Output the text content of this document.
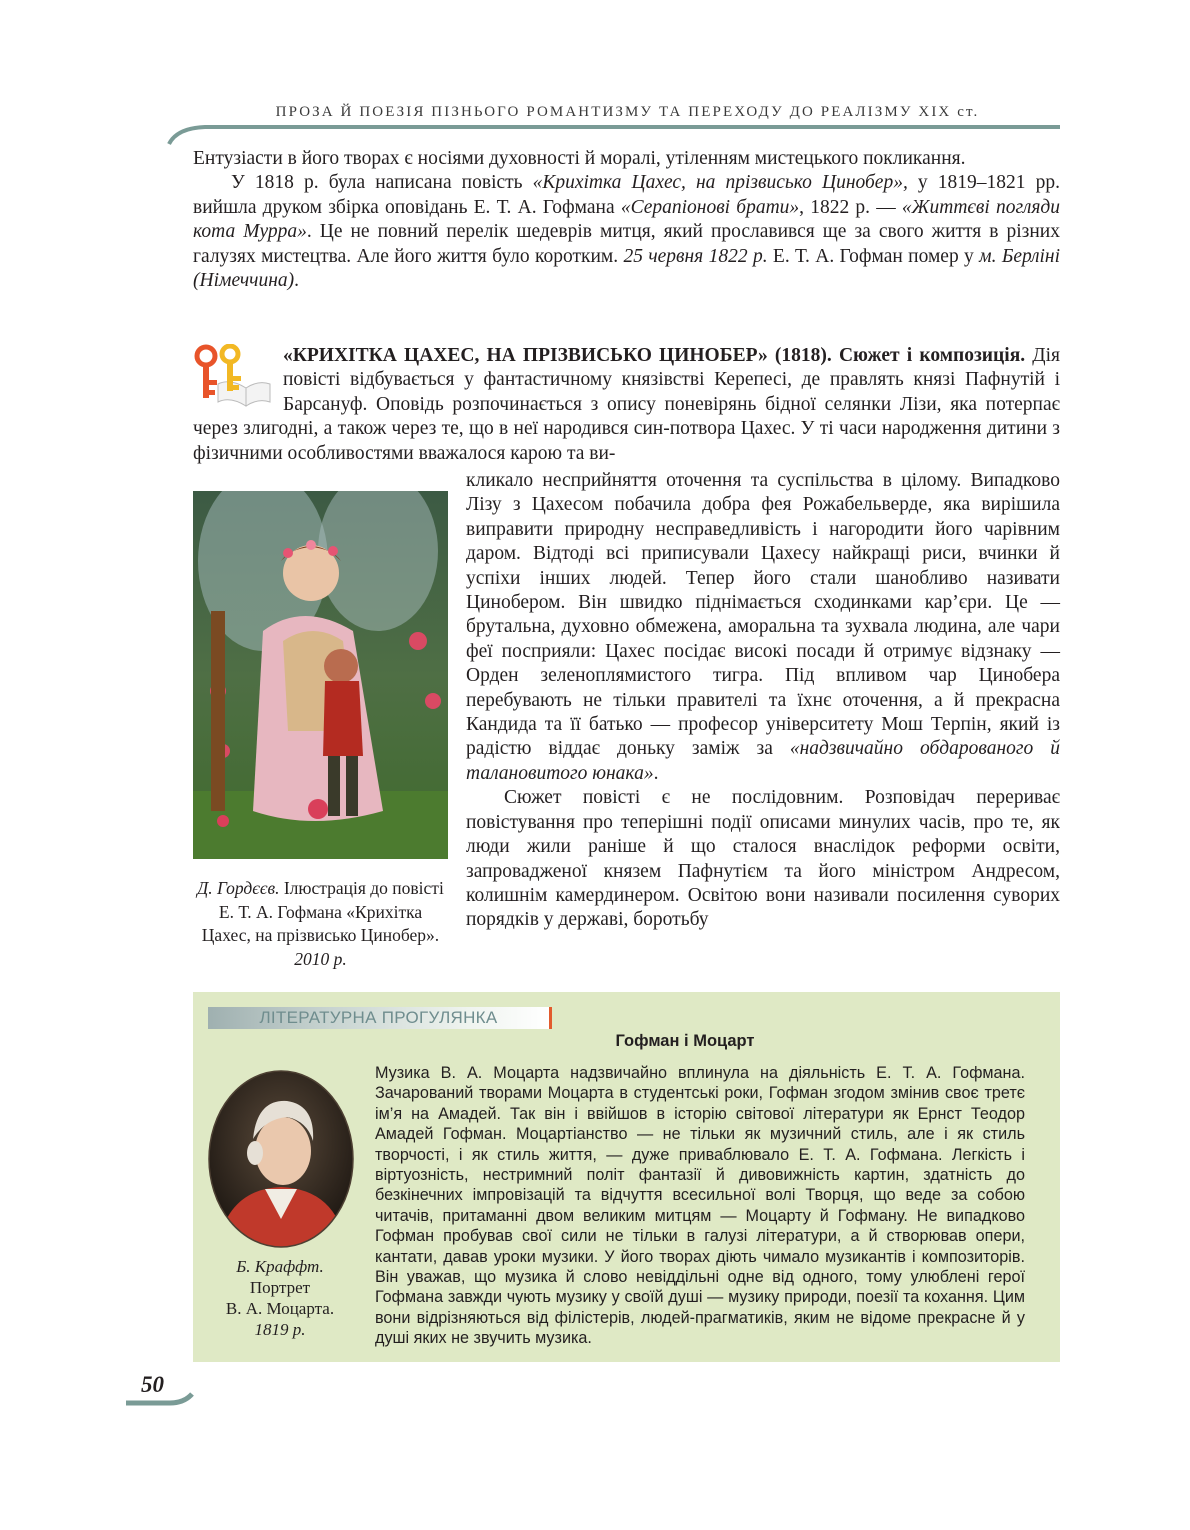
ПРОЗА Й ПОЕЗІЯ ПІЗНЬОГО РОМАНТИЗМУ ТА ПЕРЕХОДУ ДО РЕАЛІЗМУ XIX ст.

Ентузіасти в його творах є носіями духовності й моралі, утіленням мистецького покликання.

У 1818 р. була написана повість «Крихітка Цахес, на прізвисько Цинобер», у 1819–1821 рр. вийшла друком збірка оповідань Е. Т. А. Гофмана «Серапіонові брати», 1822 р. — «Життєві погляди кота Мурра». Це не повний перелік шедеврів митця, який прославився ще за свого життя в різних галузях мистецтва. Але його життя було коротким. 25 червня 1822 р. Е. Т. А. Гофман помер у м. Берліні (Німеччина).

«КРИХІТКА ЦАХЕС, НА ПРІЗВИСЬКО ЦИНОБЕР» (1818). Сюжет і композиція. Дія повісті відбувається у фантастичному князівстві Керепесі, де правлять князі Пафнутій і Барсануф. Оповідь розпочинається з опису поневірянь бідної селянки Лізи, яка потерпає через злигодні, а також через те, що в неї народився син-потвора Цахес. У ті часи народження дитини з фізичними особливостями вважалося карою та ви-
Д. Гордєєв. Ілюстрація до повісті Е. Т. А. Гофмана «Крихітка Цахес, на прізвисько Цинобер». 2010 р.

кликало несприйняття оточення та суспільства в цілому. Випадково Лізу з Цахесом побачила добра фея Рожабельверде, яка вирішила виправити природну несправедливість і нагородити його чарівним даром. Відтоді всі приписували Цахесу найкращі риси, вчинки й успіхи інших людей. Тепер його стали шанобливо називати Цинобером. Він швидко піднімається сходинками кар’єри. Це — брутальна, духовно обмежена, аморальна та зухвала людина, але чари феї посприяли: Цахес посідає високі посади й отримує відзнаку — Орден зеленоплямистого тигра. Під впливом чар Цинобера перебувають не тільки правителі та їхнє оточення, а й прекрасна Кандида та її батько — професор університету Мош Терпін, який із радістю віддає доньку заміж за «надзвичайно обдарованого й талановитого юнака».

Сюжет повісті є не послідовним. Розповідач перериває повістування про теперішні події описами минулих часів, про те, як люди жили раніше й що сталося внаслідок реформи освіти, запровадженої князем Пафнутієм та його міністром Андресом, колишнім камердинером. Освітою вони називали посилення суворих порядків у державі, боротьбу

ЛІТЕРАТУРНА ПРОГУЛЯНКА
Гофман і Моцарт
Б. Краффт.
Портрет
В. А. Моцарта.
1819 р.

Музика В. А. Моцарта надзвичайно вплинула на діяльність Е. Т. А. Гофмана. Зачарований творами Моцарта в студентські роки, Гофман згодом змінив своє третє ім’я на Амадей. Так він і ввійшов в історію світової літератури як Ернст Теодор Амадей Гофман. Моцартіанство — не тільки як музичний стиль, але і як стиль творчості, і як стиль життя, — дуже приваблювало Е. Т. А. Гофмана. Легкість і віртуозність, нестримний політ фантазії й дивовижність картин, здатність до безкінечних імпровізацій та відчуття всесильної волі Творця, що веде за собою читачів, притаманні двом великим митцям — Моцарту й Гофману. Не випадково Гофман пробував свої сили не тільки в галузі літератури, а й створював опери, кантати, давав уроки музики. У його творах діють чимало музикантів і композиторів. Він уважав, що музика й слово невіддільні одне від одного, тому улюблені герої Гофмана завжди чують музику у своїй душі — музику природи, поезії та кохання. Цим вони відрізняються від філістерів, людей-прагматиків, яким не відоме прекрасне й у душі яких не звучить музика.

50
